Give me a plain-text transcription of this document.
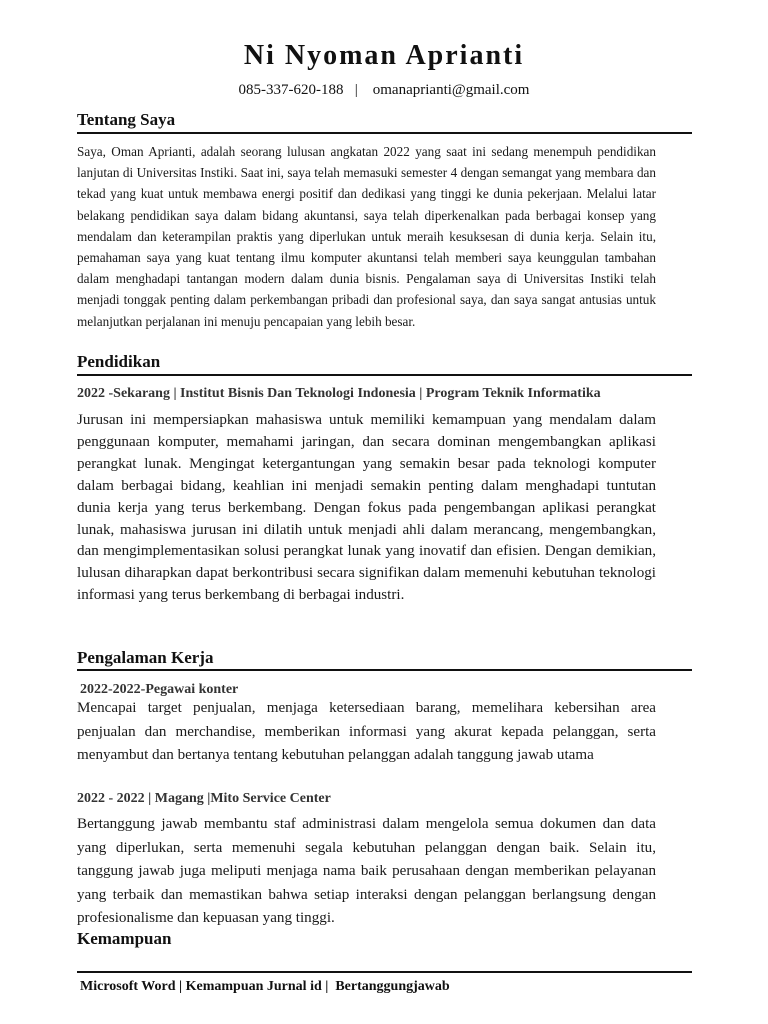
Ni Nyoman Aprianti
085-337-620-188   |    omanaprianti@gmail.com
Tentang Saya
Saya, Oman Aprianti, adalah seorang lulusan angkatan 2022 yang saat ini sedang menempuh pendidikan lanjutan di Universitas Instiki. Saat ini, saya telah memasuki semester 4 dengan semangat yang membara dan tekad yang kuat untuk membawa energi positif dan dedikasi yang tinggi ke dunia pekerjaan. Melalui latar belakang pendidikan saya dalam bidang akuntansi, saya telah diperkenalkan pada berbagai konsep yang mendalam dan keterampilan praktis yang diperlukan untuk meraih kesuksesan di dunia kerja. Selain itu, pemahaman saya yang kuat tentang ilmu komputer akuntansi telah memberi saya keunggulan tambahan dalam menghadapi tantangan modern dalam dunia bisnis. Pengalaman saya di Universitas Instiki telah menjadi tonggak penting dalam perkembangan pribadi dan profesional saya, dan saya sangat antusias untuk melanjutkan perjalanan ini menuju pencapaian yang lebih besar.
Pendidikan
2022 -Sekarang | Institut Bisnis Dan Teknologi Indonesia | Program Teknik Informatika
Jurusan ini mempersiapkan mahasiswa untuk memiliki kemampuan yang mendalam dalam penggunaan komputer, memahami jaringan, dan secara dominan mengembangkan aplikasi perangkat lunak. Mengingat ketergantungan yang semakin besar pada teknologi komputer dalam berbagai bidang, keahlian ini menjadi semakin penting dalam menghadapi tuntutan dunia kerja yang terus berkembang. Dengan fokus pada pengembangan aplikasi perangkat lunak, mahasiswa jurusan ini dilatih untuk menjadi ahli dalam merancang, mengembangkan, dan mengimplementasikan solusi perangkat lunak yang inovatif dan efisien. Dengan demikian, lulusan diharapkan dapat berkontribusi secara signifikan dalam memenuhi kebutuhan teknologi informasi yang terus berkembang di berbagai industri.
Pengalaman Kerja
2022-2022-Pegawai konter
Mencapai target penjualan, menjaga ketersediaan barang, memelihara kebersihan area penjualan dan merchandise, memberikan informasi yang akurat kepada pelanggan, serta menyambut dan bertanya tentang kebutuhan pelanggan adalah tanggung jawab utama
2022 - 2022 | Magang |Mito Service Center
Bertanggung jawab membantu staf administrasi dalam mengelola semua dokumen dan data yang diperlukan, serta memenuhi segala kebutuhan pelanggan dengan baik. Selain itu, tanggung jawab juga meliputi menjaga nama baik perusahaan dengan memberikan pelayanan yang terbaik dan memastikan bahwa setiap interaksi dengan pelanggan berlangsung dengan profesionalisme dan kepuasan yang tinggi.
Kemampuan
Microsoft Word | Kemampuan Jurnal id |  Bertanggungjawab
